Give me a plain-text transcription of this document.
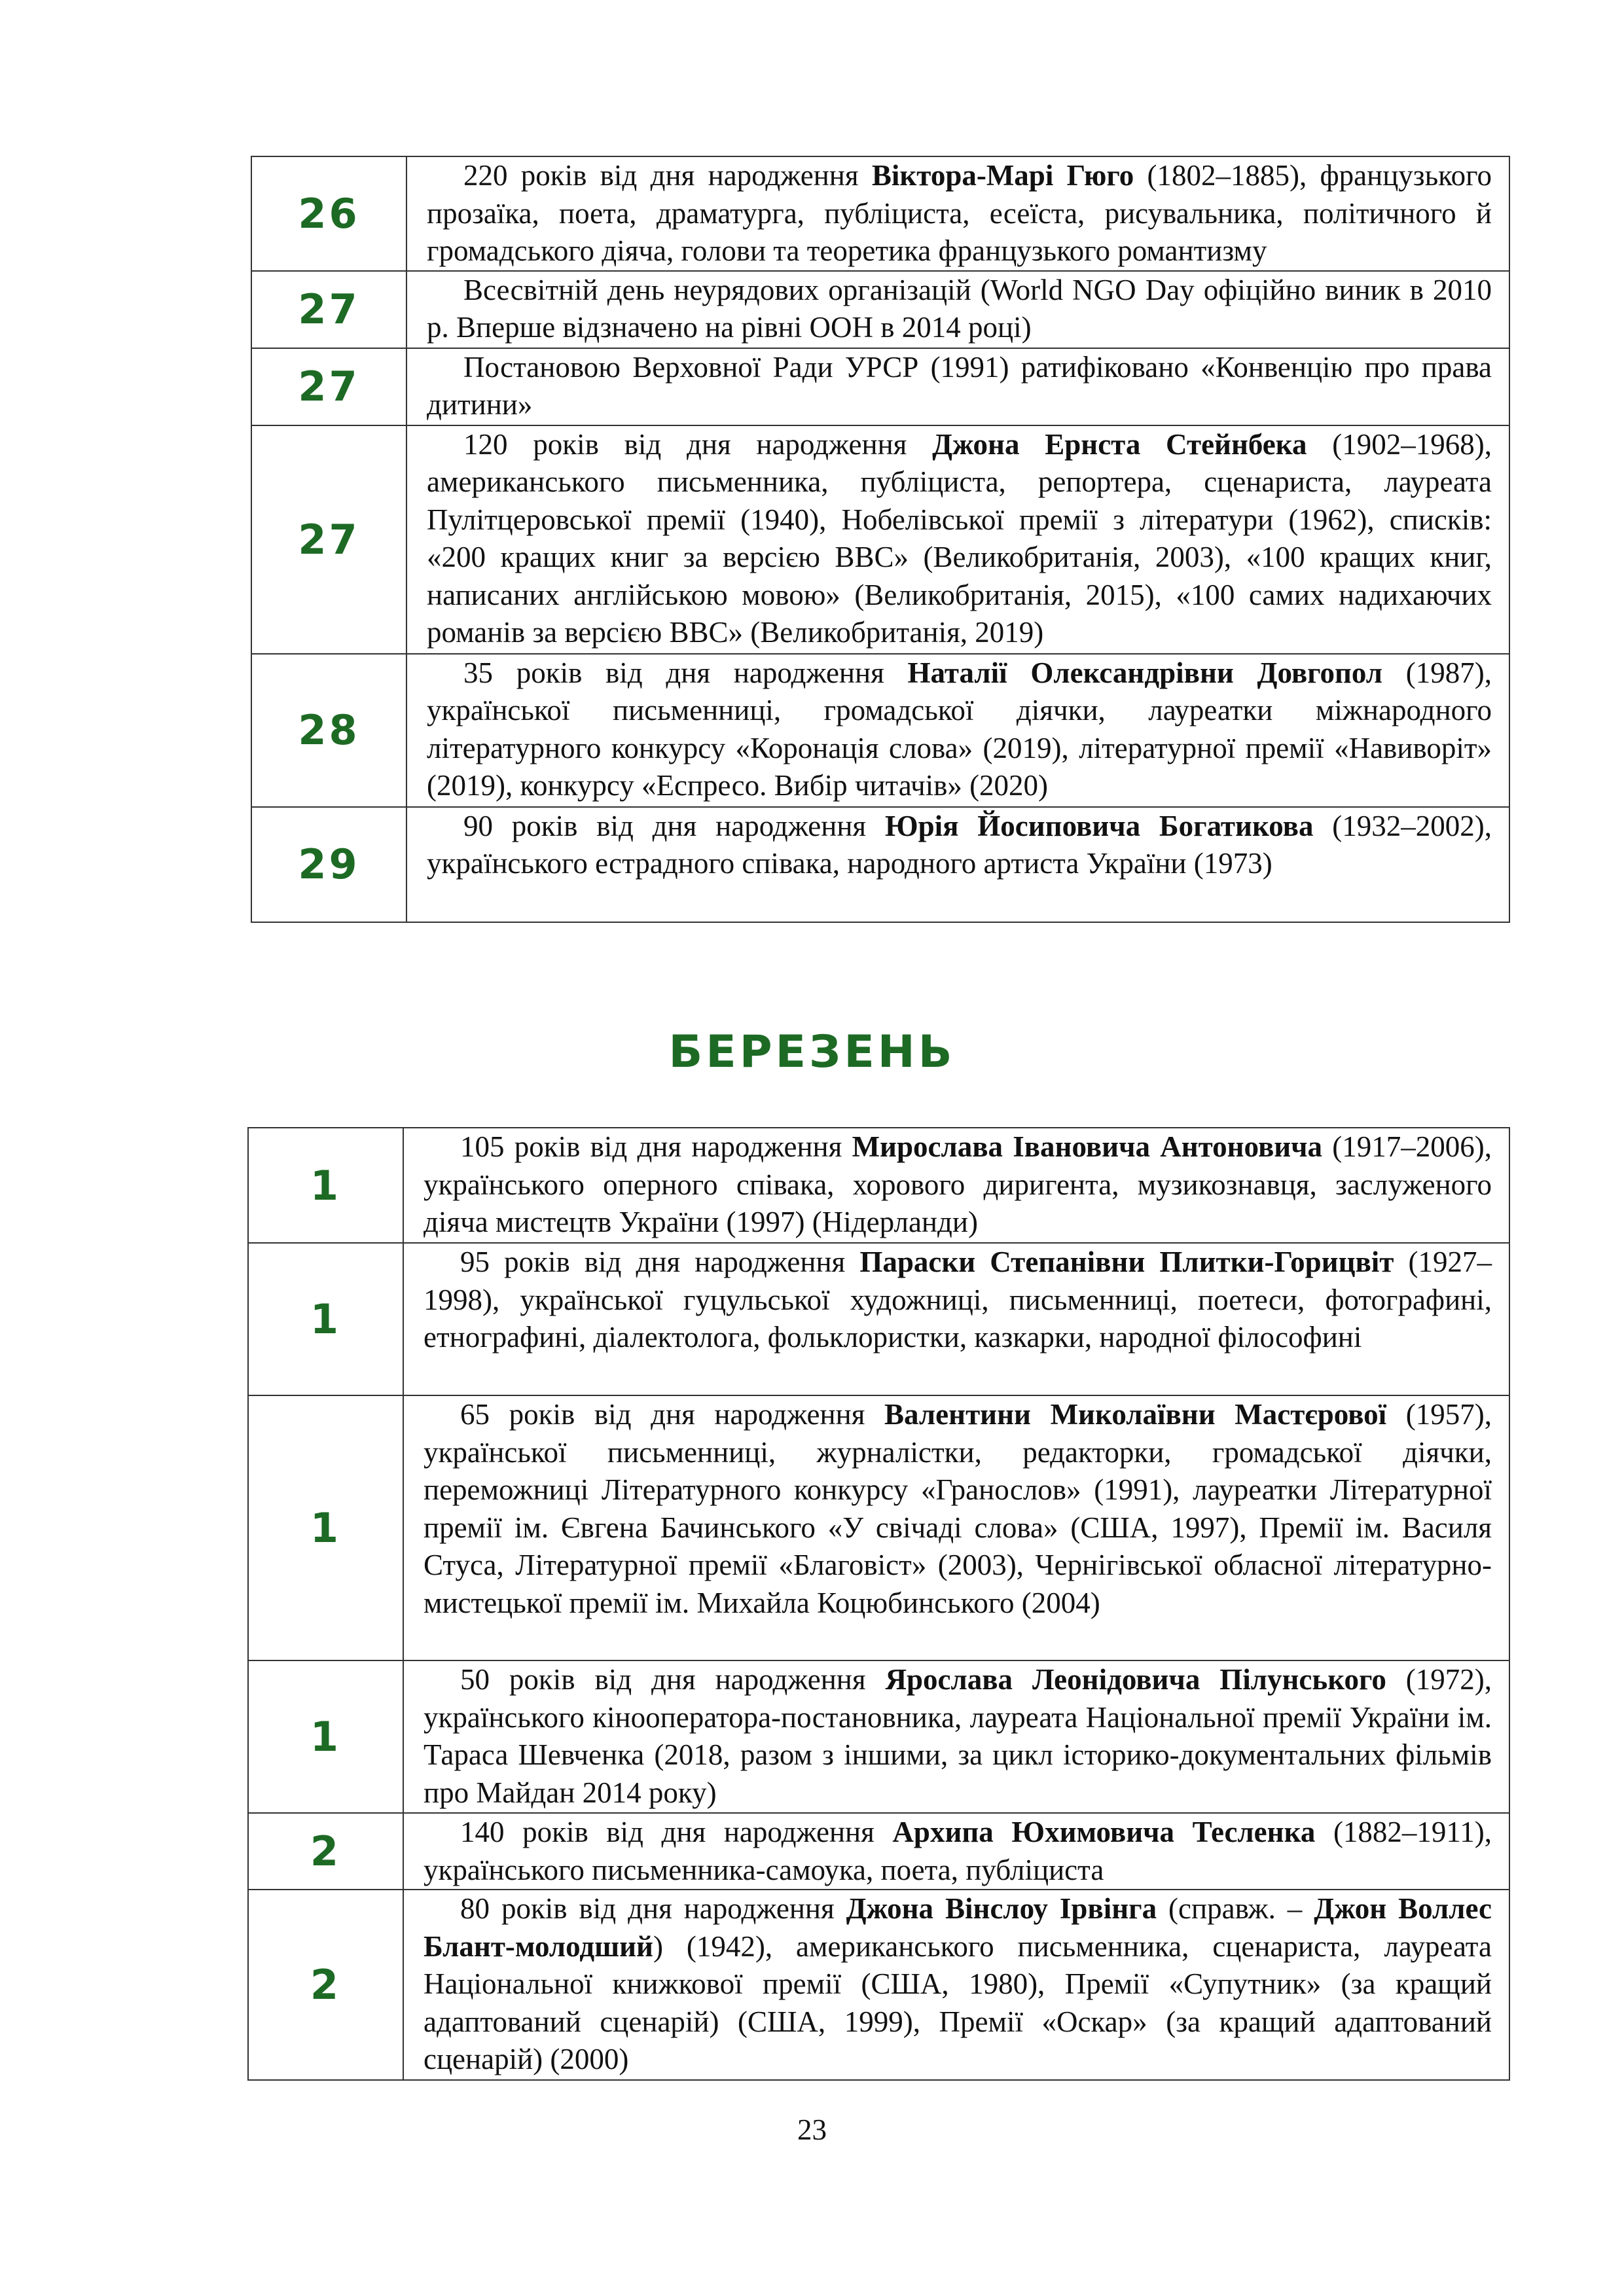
26	220 років від дня народження Віктора-Марі Гюго (1802–1885), французького прозаїка, поета, драматурга, публіциста, есеїста, рисувальника, політичного й громадського діяча, голови та теоретика французького романтизму
27	Всесвітній день неурядових організацій (World NGO Day офіційно виник в 2010 р. Вперше відзначено на рівні ООН в 2014 році)
27	Постановою Верховної Ради УРСР (1991) ратифіковано «Конвенцію про права дитини»
27	120 років від дня народження Джона Ернста Стейнбека (1902–1968), американського письменника, публіциста, репортера, сценариста, лауреата Пулітцеровської премії (1940), Нобелівської премії з літератури (1962), списків: «200 кращих книг за версією ВВС» (Великобританія, 2003), «100 кращих книг, написаних англійською мовою» (Великобританія, 2015), «100 самих надихаючих романів за версією ВВС» (Великобританія, 2019)
28	35 років від дня народження Наталії Олександрівни Довгопол (1987), української письменниці, громадської діячки, лауреатки міжнародного літературного конкурсу «Коронація слова» (2019), літературної премії «Навиворіт» (2019), конкурсу «Еспресо. Вибір читачів» (2020)
29	90 років від дня народження Юрія Йосиповича Богатикова (1932–2002), українського естрадного співака, народного артиста України (1973)
БЕРЕЗЕНЬ
1	105 років від дня народження Мирослава Івановича Антоновича (1917–2006), українського оперного співака, хорового диригента, музикознавця, заслуженого діяча мистецтв України (1997) (Нідерланди)
1	95 років від дня народження Параски Степанівни Плитки-Горицвіт (1927–1998), української гуцульської художниці, письменниці, поетеси, фотографині, етнографині, діалектолога, фольклористки, казкарки, народної філософині
1	65 років від дня народження Валентини Миколаївни Мастєрової (1957), української письменниці, журналістки, редакторки, громадської діячки, переможниці Літературного конкурсу «Гранослов» (1991), лауреатки Літературної премії ім. Євгена Бачинського «У свічаді слова» (США, 1997), Премії ім. Василя Стуса, Літературної премії «Благовіст» (2003), Чернігівської обласної літературно-мистецької премії ім. Михайла Коцюбинського (2004)
1	50 років від дня народження Ярослава Леонідовича Пілунського (1972), українського кінооператора-постановника, лауреата Національної премії України ім. Тараса Шевченка (2018, разом з іншими, за цикл історико-документальних фільмів про Майдан 2014 року)
2	140 років від дня народження Архипа Юхимовича Тесленка (1882–1911), українського письменника-самоука, поета, публіциста
2	80 років від дня народження Джона Вінслоу Ірвінга (справж. – Джон Воллес Блант-молодший) (1942), американського письменника, сценариста, лауреата Національної книжкової премії (США, 1980), Премії «Супутник» (за кращий адаптований сценарій) (США, 1999), Премії «Оскар» (за кращий адаптований сценарій) (2000)
23
